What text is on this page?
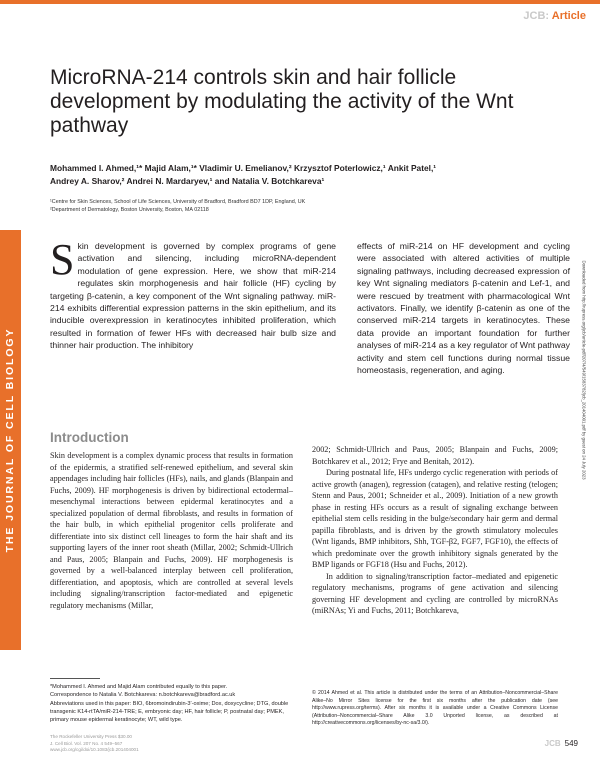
JCB: Article
THE JOURNAL OF CELL BIOLOGY	Downloaded from http://rupress.org/jcb/article-pdf/207/4/549/1583782/jcb_201404001.pdf by guest on 24 July 2023
MicroRNA-214 controls skin and hair follicle development by modulating the activity of the Wnt pathway
Mohammed I. Ahmed,¹* Majid Alam,¹* Vladimir U. Emelianov,² Krzysztof Poterlowicz,¹ Ankit Patel,¹
Andrey A. Sharov,² Andrei N. Mardaryev,¹ and Natalia V. Botchkareva¹
¹Centre for Skin Sciences, School of Life Sciences, University of Bradford, Bradford BD7 1DP, England, UK
²Department of Dermatology, Boston University, Boston, MA 02118
Skin development is governed by complex programs of gene activation and silencing, including microRNA-dependent modulation of gene expression. Here, we show that miR-214 regulates skin morphogenesis and hair follicle (HF) cycling by targeting β-catenin, a key component of the Wnt signaling pathway. miR-214 exhibits differential expression patterns in the skin epithelium, and its inducible overexpression in keratinocytes inhibited proliferation, which resulted in formation of fewer HFs with decreased hair bulb size and thinner hair production. The inhibitory
effects of miR-214 on HF development and cycling were associated with altered activities of multiple signaling pathways, including decreased expression of key Wnt signaling mediators β-catenin and Lef-1, and were rescued by treatment with pharmacological Wnt activators. Finally, we identify β-catenin as one of the conserved miR-214 targets in keratinocytes. These data provide an important foundation for further analyses of miR-214 as a key regulator of Wnt pathway activity and stem cell functions during normal tissue homeostasis, regeneration, and aging.
Introduction

Skin development is a complex dynamic process that results in formation of the epidermis, a stratified self-renewed epithelium, and several skin appendages including hair follicles (HFs), nails, and glands (Blanpain and Fuchs, 2009). HF morphogenesis is driven by bidirectional ectodermal–mesenchymal interactions between epidermal keratinocytes and a specialized population of dermal fibroblasts, and results in formation of the hair bulb, in which epithelial progenitor cells proliferate and differentiate into six distinct cell lineages to form the hair shaft and its supporting layers of the inner root sheath (Millar, 2002; Schmidt-Ullrich and Paus, 2005; Blanpain and Fuchs, 2009). HF morphogenesis is governed by a well-balanced interplay between cell proliferation, differentiation, and apoptosis, which are controlled at several levels including signaling/transcription factor-mediated and epigenetic regulatory mechanisms (Millar,

2002; Schmidt-Ullrich and Paus, 2005; Blanpain and Fuchs, 2009; Botchkarev et al., 2012; Frye and Benitah, 2012).

During postnatal life, HFs undergo cyclic regeneration with periods of active growth (anagen), regression (catagen), and relative resting (telogen; Stenn and Paus, 2001; Schneider et al., 2009). Initiation of a new growth phase in resting HFs occurs as a result of signaling exchange between epithelial stem cells residing in the bulge/secondary hair germ and dermal papilla fibroblasts, and is driven by the growth stimulatory molecules (Wnt ligands, BMP inhibitors, Shh, TGF-β2, FGF7, FGF10), the effects of which predominate over the growth inhibitory signals generated by the BMP ligands or FGF18 (Hsu and Fuchs, 2012).

In addition to signaling/transcription factor–mediated and epigenetic regulatory mechanisms, programs of gene activation and silencing governing HF development and cycling are controlled by microRNAs (miRNAs; Yi and Fuchs, 2011; Botchkareva,

*Mohammed I. Ahmed and Majid Alam contributed equally to this paper.

Correspondence to Natalia V. Botchkareva: n.botchkareva@bradford.ac.uk

Abbreviations used in this paper: BIO, 6bromoindirubin-3′-oxime; Dox, doxycycline; DTG, double transgenic K14-rtTA/miR-214-TRE; E, embryonic day; HF, hair follicle; P, postnatal day; PMEK, primary mouse epidermal keratinocyte; WT, wild type.

© 2014 Ahmed et al. This article is distributed under the terms of an Attribution–Noncommercial–Share Alike–No Mirror Sites license for the first six months after the publication date (see http://www.rupress.org/terms). After six months it is available under a Creative Commons License (Attribution–Noncommercial–Share Alike 3.0 Unported license, as described at http://creativecommons.org/licenses/by-nc-sa/3.0/).

The Rockefeller University Press $30.00

J. Cell Biol. Vol. 207 No. 4 549–567

www.jcb.org/cgi/doi/10.1083/jcb.201404001

JCB 549
